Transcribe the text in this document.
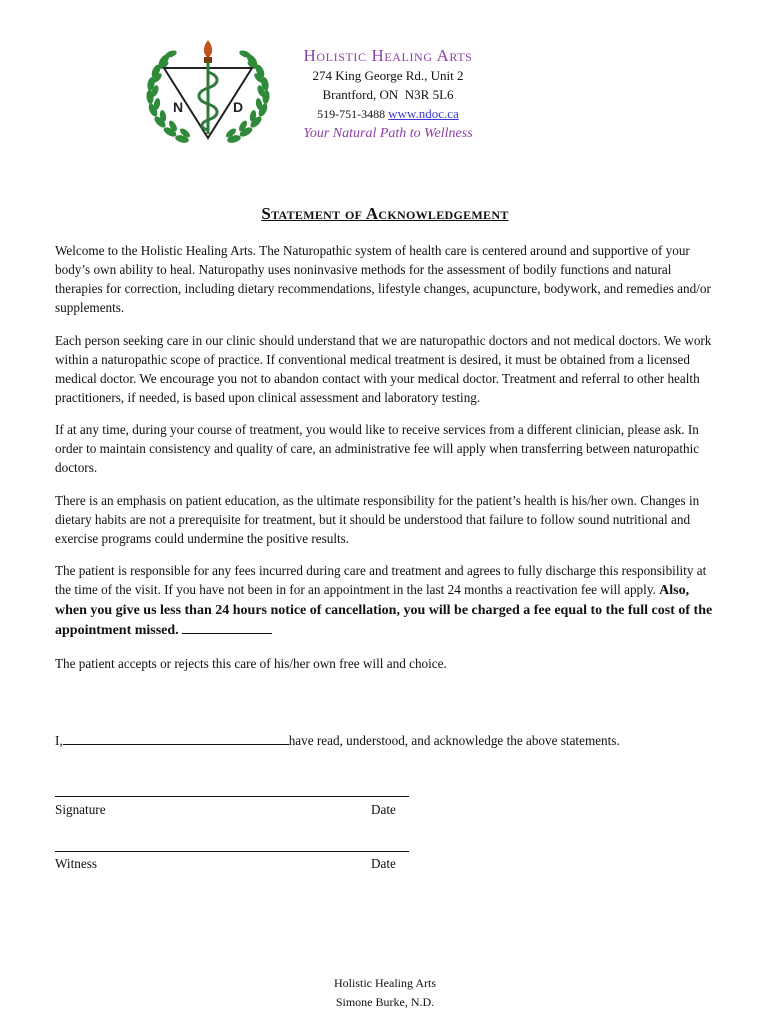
N	D
Holistic Healing Arts
274 King George Rd., Unit 2
Brantford, ON  N3R 5L6
519-751-3488 www.ndoc.ca
Your Natural Path to Wellness
Statement of Acknowledgement

Welcome to the Holistic Healing Arts. The Naturopathic system of health care is centered around and supportive of your body’s own ability to heal. Naturopathy uses noninvasive methods for the assessment of bodily functions and natural therapies for correction, including dietary recommendations, lifestyle changes, acupuncture, bodywork, and remedies and/or supplements.

Each person seeking care in our clinic should understand that we are naturopathic doctors and not medical doctors. We work within a naturopathic scope of practice. If conventional medical treatment is desired, it must be obtained from a licensed medical doctor. We encourage you not to abandon contact with your medical doctor. Treatment and referral to other health practitioners, if needed, is based upon clinical assessment and laboratory testing.

If at any time, during your course of treatment, you would like to receive services from a different clinician, please ask. In order to maintain consistency and quality of care, an administrative fee will apply when transferring between naturopathic doctors.

There is an emphasis on patient education, as the ultimate responsibility for the patient’s health is his/her own. Changes in dietary habits are not a prerequisite for treatment, but it should be understood that failure to follow sound nutritional and exercise programs could undermine the positive results.

The patient is responsible for any fees incurred during care and treatment and agrees to fully discharge this responsibility at the time of the visit. If you have not been in for an appointment in the last 24 months a reactivation fee will apply. Also, when you give us less than 24 hours notice of cancellation, you will be charged a fee equal to the full cost of the appointment missed.

The patient accepts or rejects this care of his/her own free will and choice.

I,	have read, understood, and acknowledge the above statements.
Signature	Date
Witness	Date
Holistic Healing Arts
Simone Burke, N.D.
